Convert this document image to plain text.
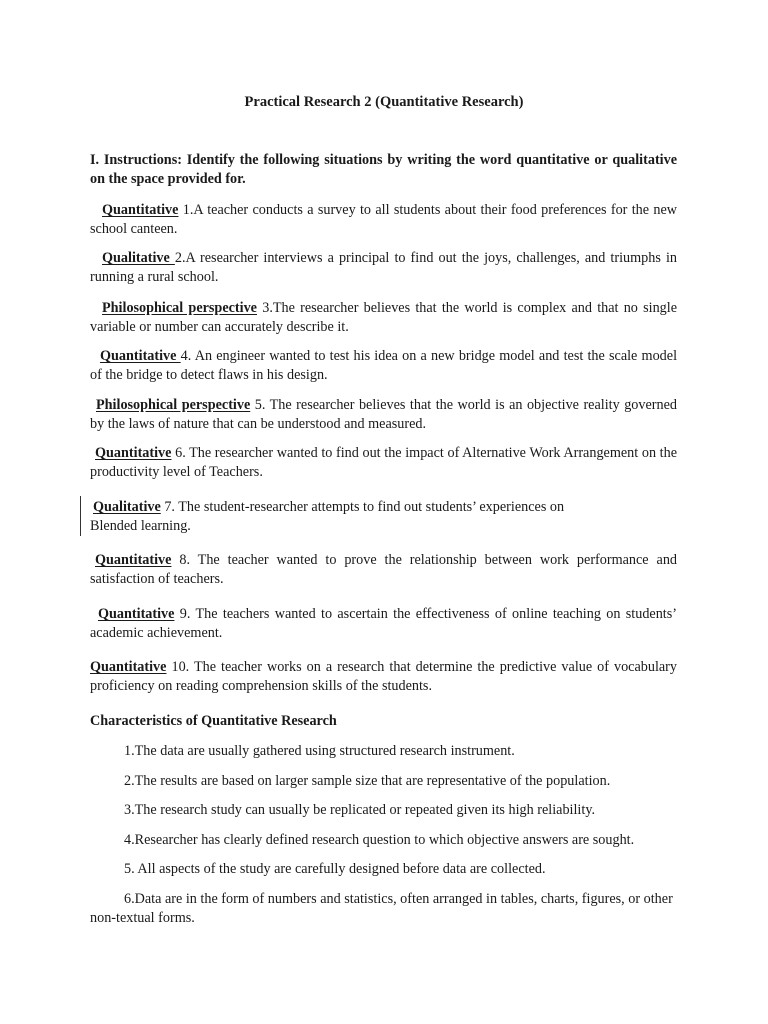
Practical Research 2 (Quantitative Research)

I. Instructions: Identify the following situations by writing the word quantitative or qualitative on the space provided for.

Quantitative 1.A teacher conducts a survey to all students about their food preferences for the new school canteen.

Qualitative 2.A researcher interviews a principal to find out the joys, challenges, and triumphs in running a rural school.

Philosophical perspective 3.The researcher believes that the world is complex and that no single variable or number can accurately describe it.

Quantitative 4. An engineer wanted to test his idea on a new bridge model and test the scale model of the bridge to detect flaws in his design.

Philosophical perspective 5. The researcher believes that the world is an objective reality governed by the laws of nature that can be understood and measured.

Quantitative 6. The researcher wanted to find out the impact of Alternative Work Arrangement on the productivity level of Teachers.

Qualitative 7. The student-researcher attempts to find out students’ experiences on
Blended learning.

Quantitative 8. The teacher wanted to prove the relationship between work performance and satisfaction of teachers.

Quantitative 9. The teachers wanted to ascertain the effectiveness of online teaching on students’ academic achievement.

Quantitative 10. The teacher works on a research that determine the predictive value of vocabulary proficiency on reading comprehension skills of the students.

Characteristics of Quantitative Research

1.The data are usually gathered using structured research instrument.

2.The results are based on larger sample size that are representative of the population.

3.The research study can usually be replicated or repeated given its high reliability.

4.Researcher has clearly defined research question to which objective answers are sought.

5. All aspects of the study are carefully designed before data are collected.

6.Data are in the form of numbers and statistics, often arranged in tables, charts, figures, or other non-textual forms.
